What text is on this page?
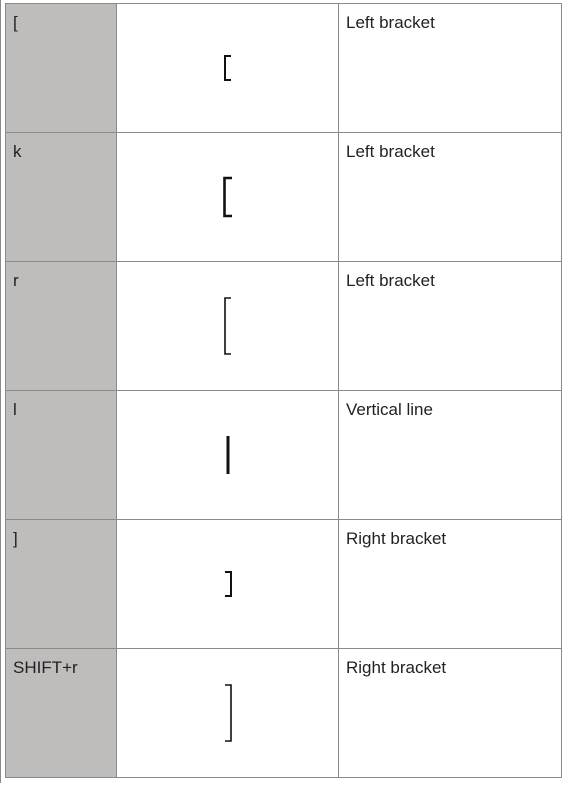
[		Left bracket

k		Left bracket

r		Left bracket

l		Vertical line

]		Right bracket

SHIFT+r		Right bracket
